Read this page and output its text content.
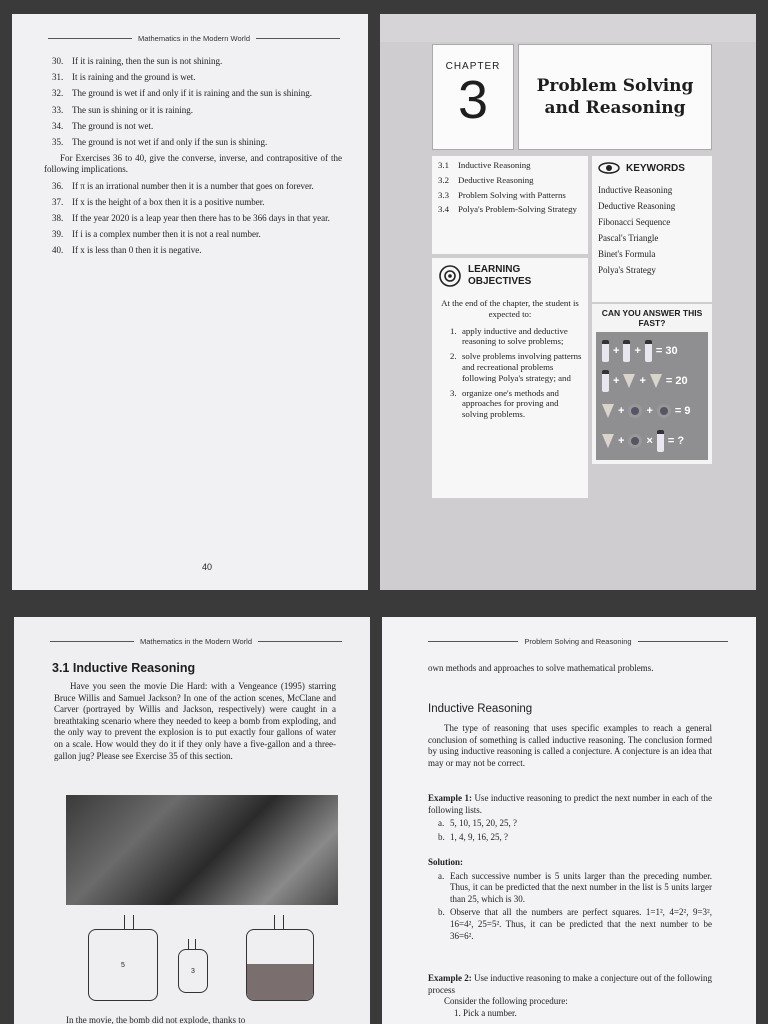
Mathematics in the Modern World
30. If it is raining, then the sun is not shining.
31. It is raining and the ground is wet.
32. The ground is wet if and only if it is raining and the sun is shining.
33. The sun is shining or it is raining.
34. The ground is not wet.
35. The ground is not wet if and only if the sun is shining.
For Exercises 36 to 40, give the converse, inverse, and contrapositive of the following implications.
36. If π is an irrational number then it is a number that goes on forever.
37. If x is the height of a box then it is a positive number.
38. If the year 2020 is a leap year then there has to be 366 days in that year.
39. If i is a complex number then it is not a real number.
40. If x is less than 0 then it is negative.
40
CHAPTER
3	Problem Solving and Reasoning
3.1	Inductive Reasoning
3.2	Deductive Reasoning
3.3	Problem Solving with Patterns
3.4	Polya's Problem-Solving Strategy
KEYWORDS
Inductive Reasoning
Deductive Reasoning
Fibonacci Sequence
Pascal's Triangle
Binet's Formula
Polya's Strategy
LEARNING OBJECTIVES
At the end of the chapter, the student is expected to:
1. apply inductive and deductive reasoning to solve problems;
2. solve problems involving patterns and recreational problems following Polya's strategy; and
3. organize one's methods and approaches for proving and solving problems.
CAN YOU ANSWER THIS FAST?
+ + = 30
+ + = 20
+ + = 9
+ × = ?
Mathematics in the Modern World
3.1 Inductive Reasoning
Have you seen the movie Die Hard: with a Vengeance (1995) starring Bruce Willis and Samuel Jackson? In one of the action scenes, McClane and Carver (portrayed by Willis and Jackson, respectively) were caught in a breathtaking scenario where they needed to keep a bomb from exploding, and the only way to prevent the explosion is to put exactly four gallons of water on a scale. How would they do it if they only have a five-gallon and a three-gallon jug? Please see Exercise 35 of this section.
5
3
In the movie, the bomb did not explode, thanks to
Problem Solving and Reasoning
own methods and approaches to solve mathematical problems.
Inductive Reasoning
The type of reasoning that uses specific examples to reach a general conclusion of something is called inductive reasoning. The conclusion formed by using inductive reasoning is called a conjecture. A conjecture is an idea that may or may not be correct.
Example 1: Use inductive reasoning to predict the next number in each of the following lists.
a. 5, 10, 15, 20, 25, ?
b. 1, 4, 9, 16, 25, ?
Solution:
a. Each successive number is 5 units larger than the preceding number. Thus, it can be predicted that the next number in the list is 5 units larger than 25, which is 30.
b. Observe that all the numbers are perfect squares. 1=1², 4=2², 9=3², 16=4², 25=5². Thus, it can be predicted that the next number to be 36=6².
Example 2: Use inductive reasoning to make a conjecture out of the following process
Consider the following procedure:
1. Pick a number.
